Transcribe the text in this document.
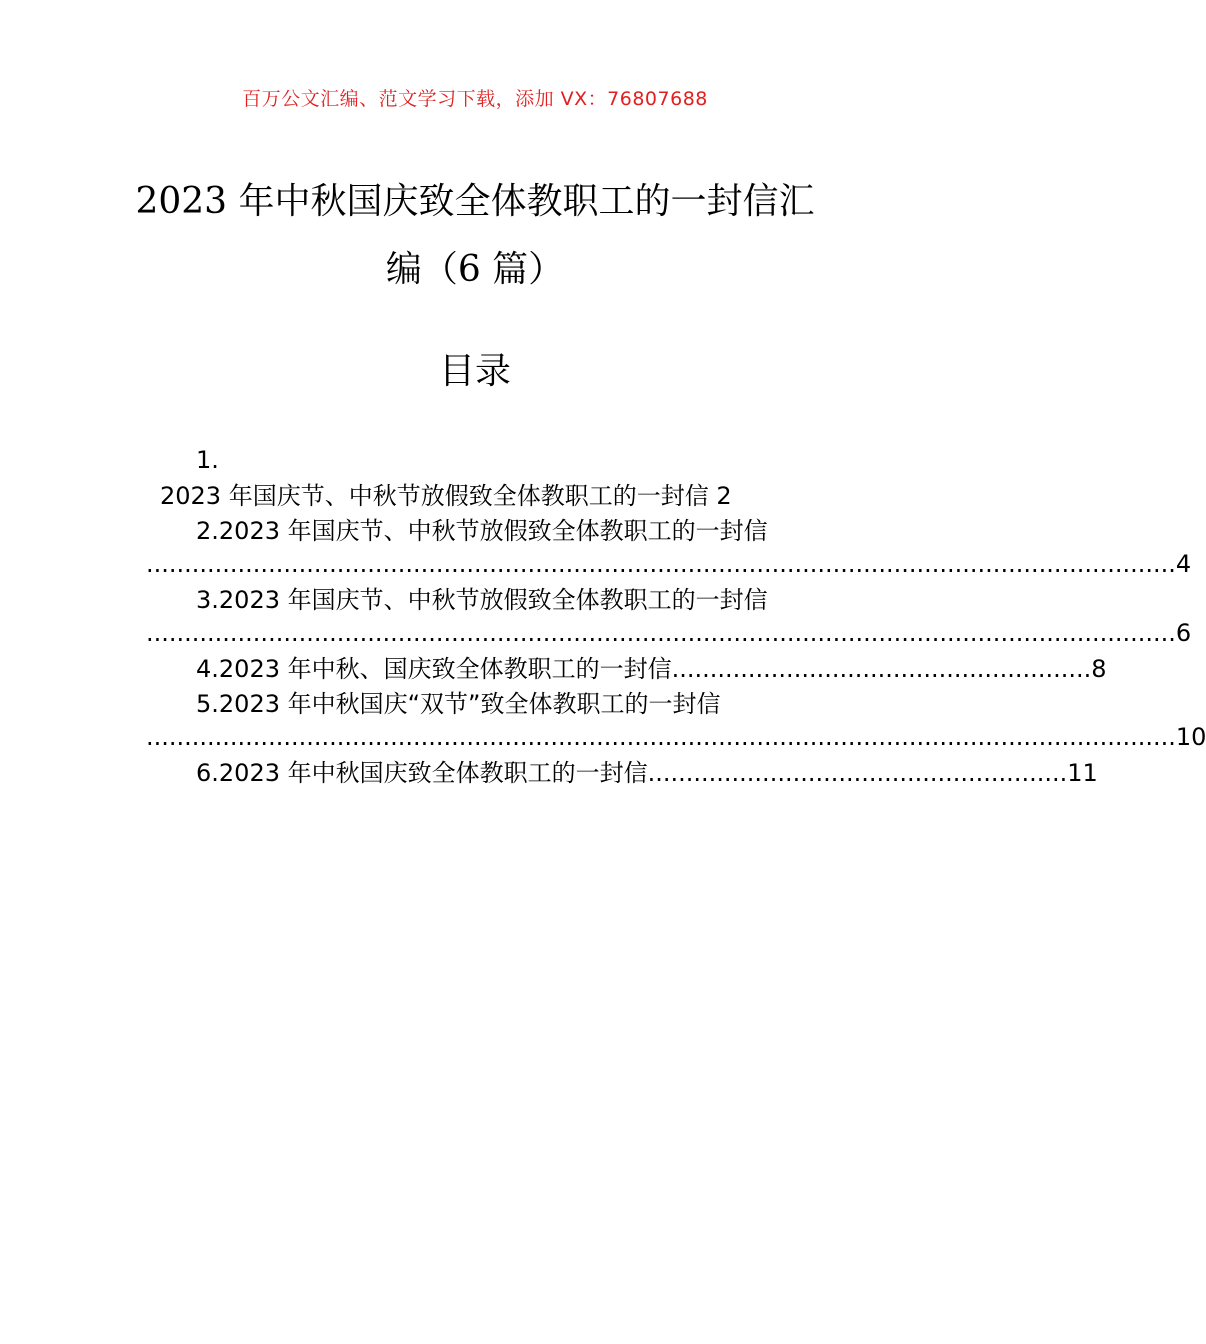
百万公文汇编、范文学习下载，添加 VX：76807688
2023 年中秋国庆致全体教职工的一封信汇
编（6 篇）
目录
1.
2023 年国庆节、中秋节放假致全体教职工的一封信 2
2.2023 年国庆节、中秋节放假致全体教职工的一封信
....................................................................................................................................... 4
3.2023 年国庆节、中秋节放假致全体教职工的一封信
....................................................................................................................................... 6
4. 2023 年中秋、国庆致全体教职工的一封信 ....................................................... 8
5.2023 年中秋国庆“双节”致全体教职工的一封信
....................................................................................................................................... 10
6. 2023 年中秋国庆致全体教职工的一封信 ....................................................... 11
